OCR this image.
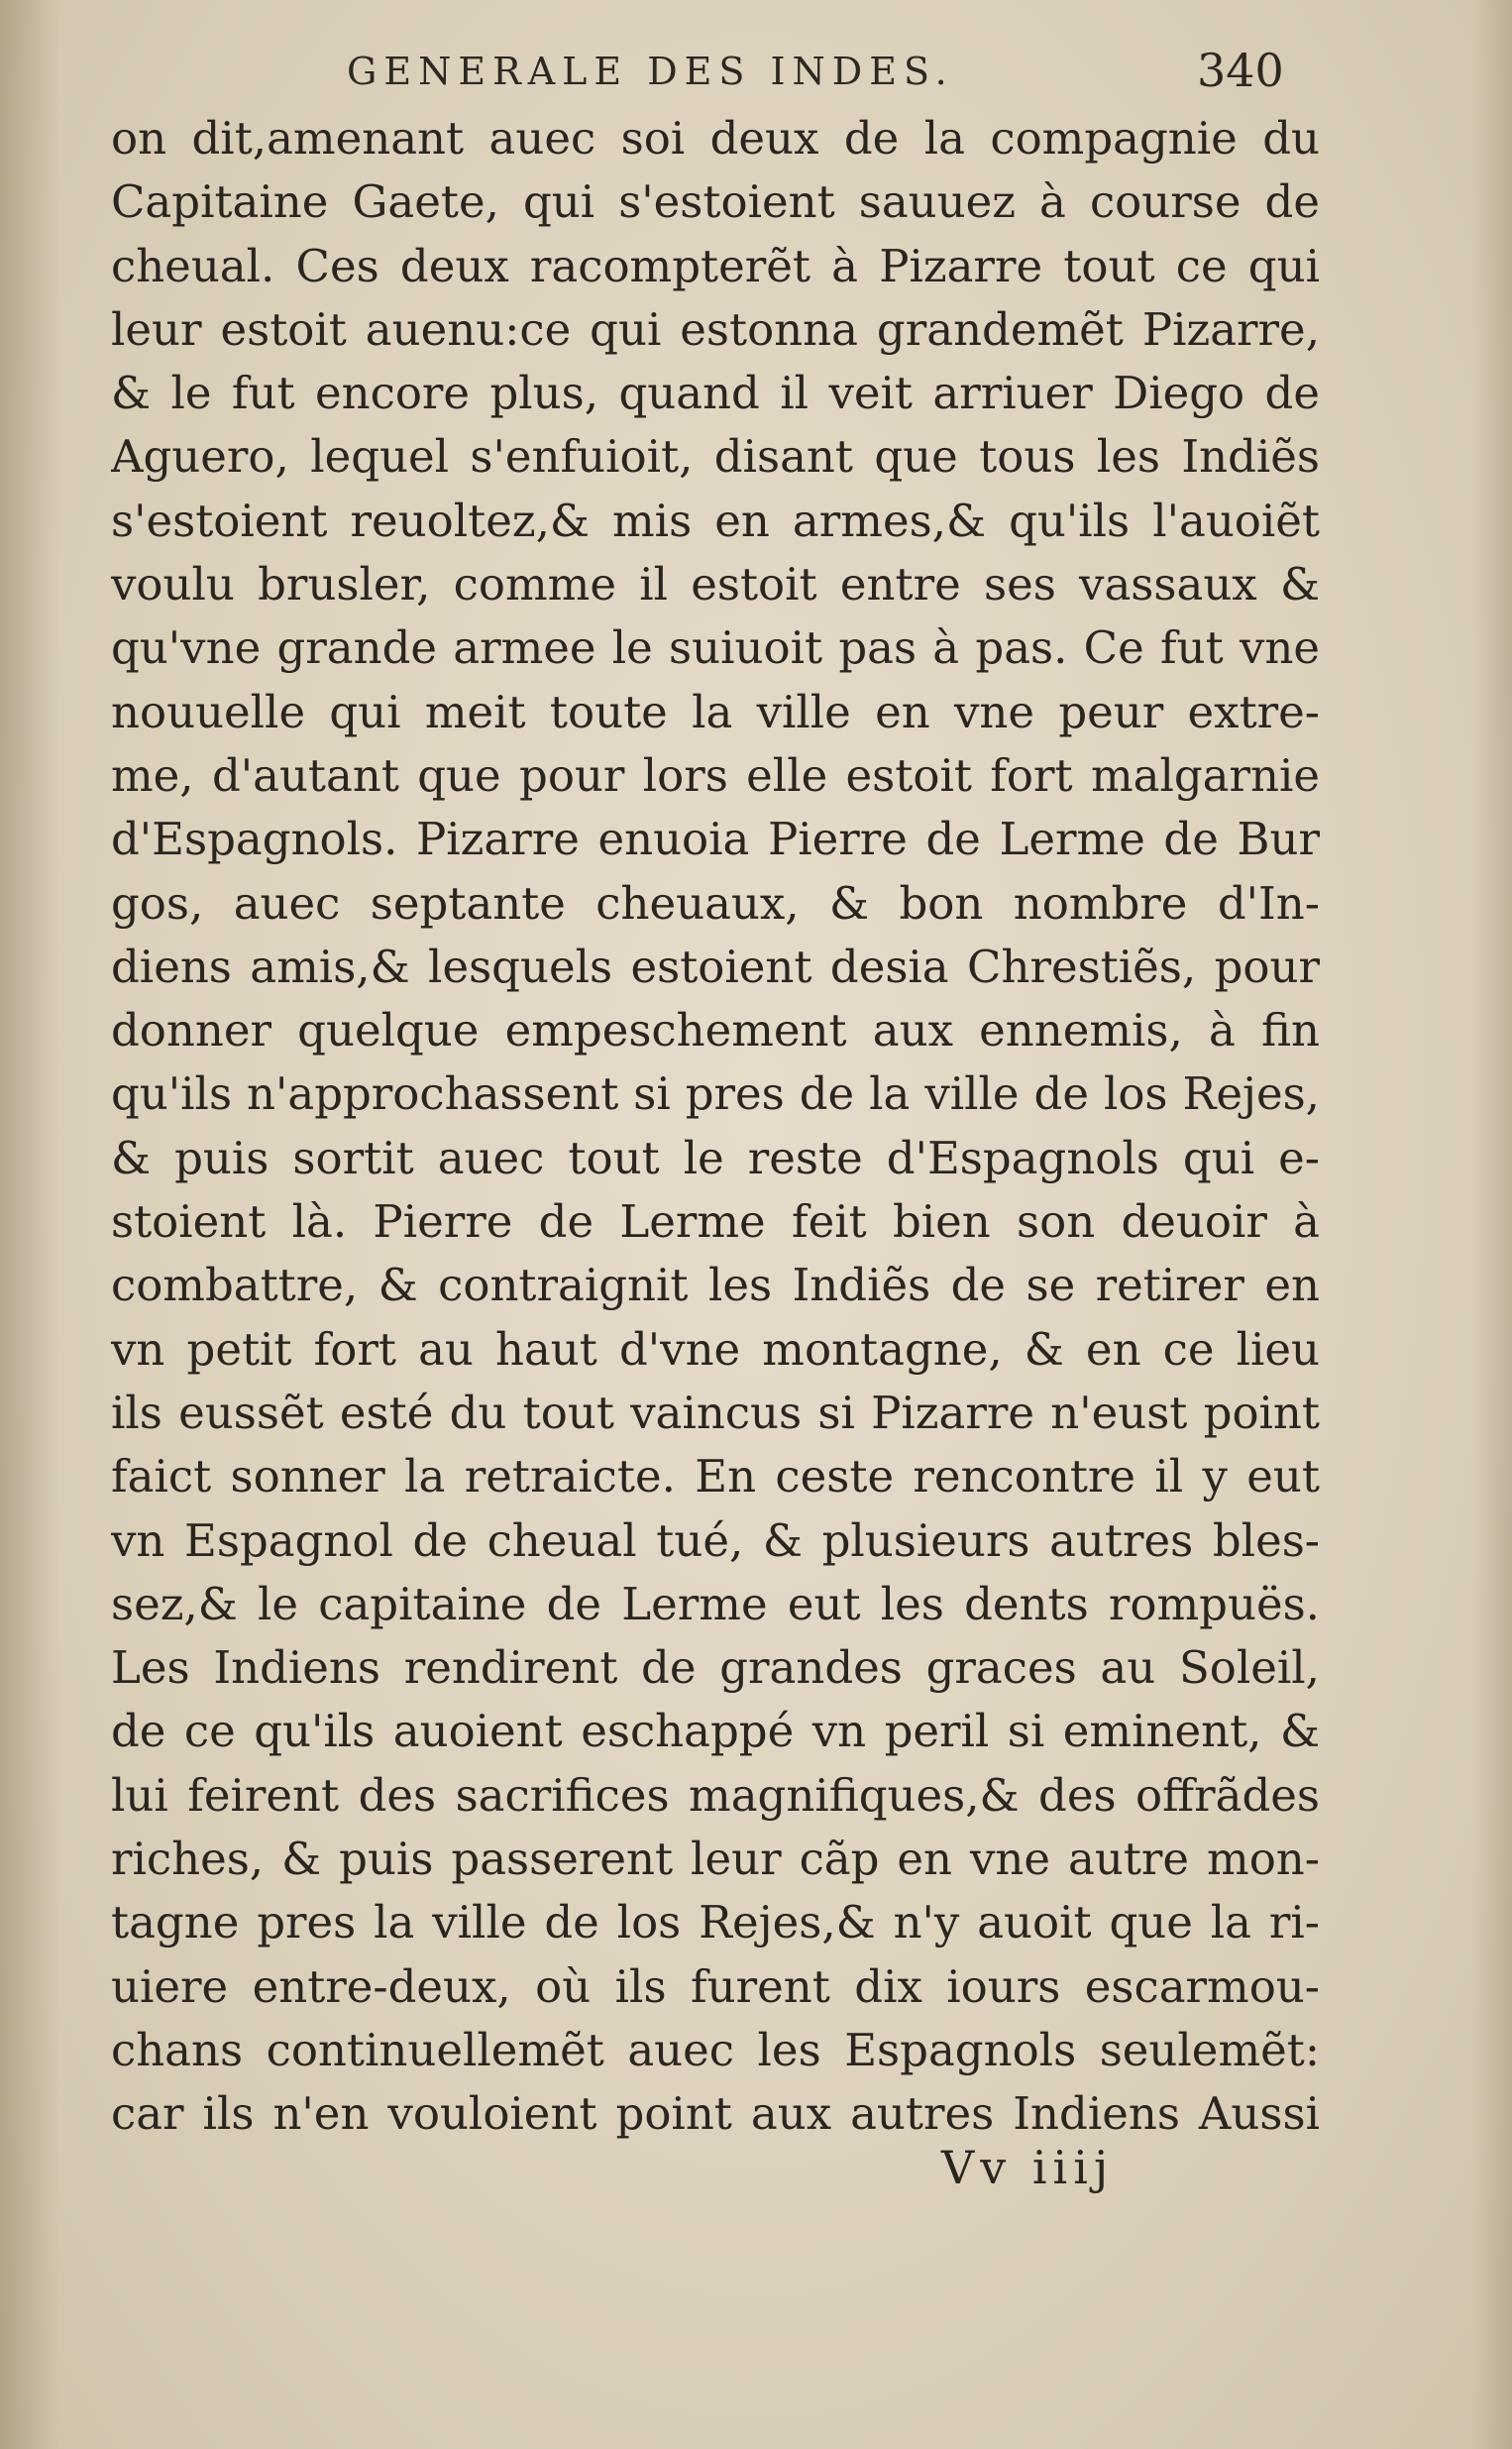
GENERALE DES INDES.	340
on dit,amenant auec soi deux de la compagnie du
Capitaine Gaete, qui s'estoient sauuez à course de
cheual. Ces deux racompterẽt à Pizarre tout ce qui
leur estoit auenu:ce qui estonna grandemẽt Pizarre,
& le fut encore plus, quand il veit arriuer Diego de
Aguero, lequel s'enfuioit, disant que tous les Indiẽs
s'estoient reuoltez,& mis en armes,& qu'ils l'auoiẽt
voulu brusler, comme il estoit entre ses vassaux &
qu'vne grande armee le suiuoit pas à pas. Ce fut vne
nouuelle qui meit toute la ville en vne peur extre-
me, d'autant que pour lors elle estoit fort malgarnie
d'Espagnols. Pizarre enuoia Pierre de Lerme de Bur
gos, auec septante cheuaux, & bon nombre d'In-
diens amis,& lesquels estoient desia Chrestiẽs, pour
donner quelque empeschement aux ennemis, à fin
qu'ils n'approchassent si pres de la ville de los Rejes,
& puis sortit auec tout le reste d'Espagnols qui e-
stoient là. Pierre de Lerme feit bien son deuoir à
combattre, & contraignit les Indiẽs de se retirer en
vn petit fort au haut d'vne montagne, & en ce lieu
ils eussẽt esté du tout vaincus si Pizarre n'eust point
faict sonner la retraicte. En ceste rencontre il y eut
vn Espagnol de cheual tué, & plusieurs autres bles-
sez,& le capitaine de Lerme eut les dents rompuës.
Les Indiens rendirent de grandes graces au Soleil,
de ce qu'ils auoient eschappé vn peril si eminent, &
lui feirent des sacrifices magnifiques,& des offrãdes
riches, & puis passerent leur cãp en vne autre mon-
tagne pres la ville de los Rejes,& n'y auoit que la ri-
uiere entre-deux, où ils furent dix iours escarmou-
chans continuellemẽt auec les Espagnols seulemẽt:
car ils n'en vouloient point aux autres Indiens Aussi
Vv iiij
